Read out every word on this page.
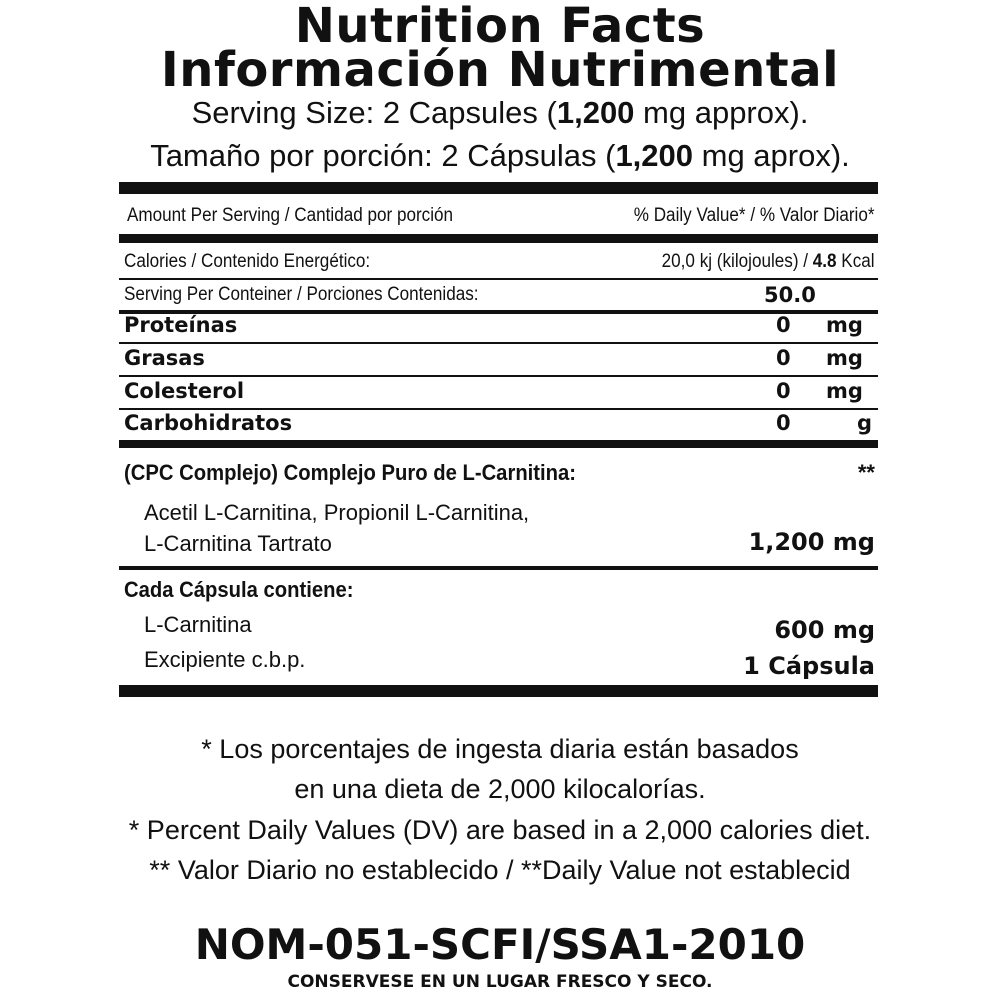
Nutrition Facts
Información Nutrimental
Serving Size: 2 Capsules (1,200 mg approx).
Tamaño por porción: 2 Cápsulas (1,200 mg aprox).
Amount Per Serving / Cantidad por porción	% Daily Value* / % Valor Diario*
Calories / Contenido Energético:	20,0 kj (kilojoules) / 4.8 Kcal
Serving Per Conteiner / Porciones Contenidas:	50.0
Proteínas	0 mg
Grasas	0 mg
Colesterol	0 mg
Carbohidratos	0	g
(CPC Complejo) Complejo Puro de L-Carnitina:	**
Acetil L-Carnitina, Propionil L-Carnitina,
L-Carnitina Tartrato	1,200 mg
Cada Cápsula contiene:
L-Carnitina	600 mg
Excipiente c.b.p.	1 Cápsula
* Los porcentajes de ingesta diaria están basados
en una dieta de 2,000 kilocalorías.
* Percent Daily Values (DV) are based in a 2,000 calories diet.
** Valor Diario no establecido / **Daily Value not establecid
NOM-051-SCFI/SSA1-2010
CONSERVESE EN UN LUGAR FRESCO Y SECO.
